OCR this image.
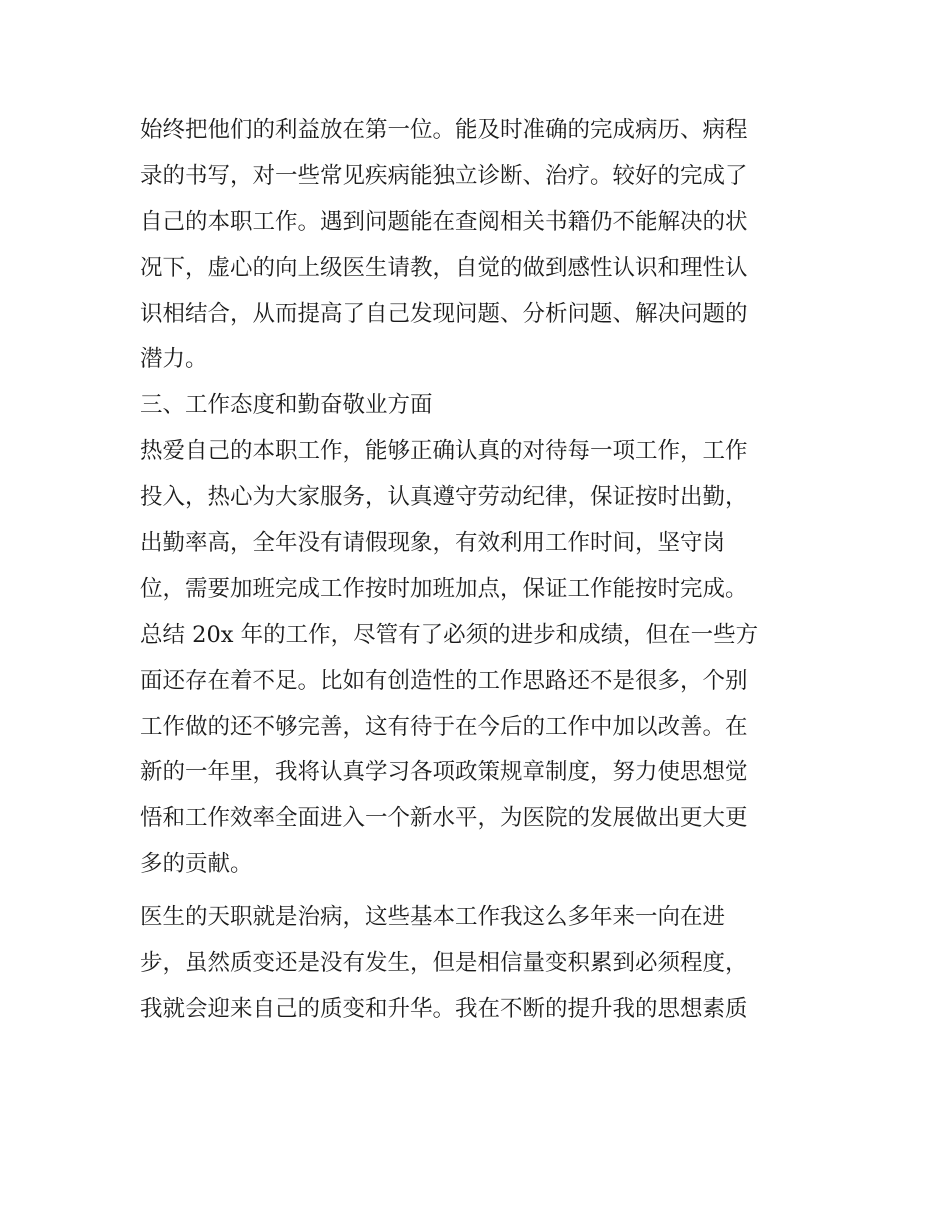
始终把他们的利益放在第一位。能及时准确的完成病历、病程
录的书写，对一些常见疾病能独立诊断、治疗。较好的完成了
自己的本职工作。遇到问题能在查阅相关书籍仍不能解决的状
况下，虚心的向上级医生请教，自觉的做到感性认识和理性认
识相结合，从而提高了自己发现问题、分析问题、解决问题的
潜力。
三、工作态度和勤奋敬业方面
热爱自己的本职工作，能够正确认真的对待每一项工作，工作
投入，热心为大家服务，认真遵守劳动纪律，保证按时出勤，
出勤率高，全年没有请假现象，有效利用工作时间，坚守岗
位，需要加班完成工作按时加班加点，保证工作能按时完成。
总结 20x 年的工作，尽管有了必须的进步和成绩，但在一些方
面还存在着不足。比如有创造性的工作思路还不是很多，个别
工作做的还不够完善，这有待于在今后的工作中加以改善。在
新的一年里，我将认真学习各项政策规章制度，努力使思想觉
悟和工作效率全面进入一个新水平，为医院的发展做出更大更
多的贡献。
医生的天职就是治病，这些基本工作我这么多年来一向在进
步，虽然质变还是没有发生，但是相信量变积累到必须程度，
我就会迎来自己的质变和升华。我在不断的提升我的思想素质
